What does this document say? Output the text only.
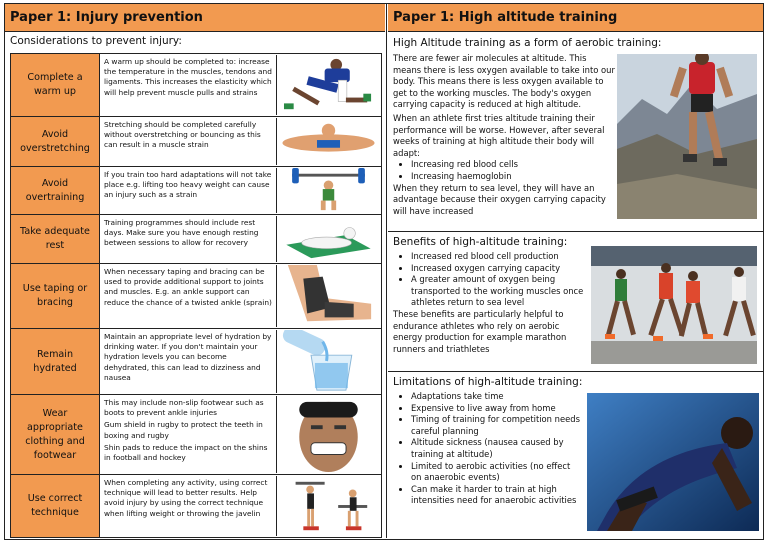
Paper 1: Injury prevention
Considerations to prevent injury:
Complete a warm up

A warm up should be completed to: increase the temperature in the muscles, tendons and ligaments. This increases the elasticity which will help prevent muscle pulls and strains

Avoid overstretching

Stretching should be completed carefully without overstretching or bouncing as this can result in a muscle strain

Avoid overtraining

If you train too hard adaptations will not take place e.g. lifting too heavy weight can cause an injury such as a strain

Take adequate rest

Training programmes should include rest days. Make sure you have enough resting between sessions to allow for recovery

Use taping or bracing

When necessary taping and bracing can be used to provide additional support to joints and muscles. E.g. an ankle support can reduce the chance of a twisted ankle (sprain)

Remain hydrated

Maintain an appropriate level of hydration by drinking water. If you don't maintain your hydration levels you can become dehydrated, this can lead to dizziness and nausea

Wear appropriate clothing and footwear

This may include non-slip footwear such as boots to prevent ankle injuries

Gum shield in rugby to protect the teeth in boxing and rugby

Shin pads to reduce the impact on the shins in football and hockey

Use correct technique

When completing any activity, using correct technique will lead to better results. Help avoid injury by using the correct technique when lifting weight or throwing the javelin

Paper 1: High altitude training
High Altitude training as a form of aerobic training:

There are fewer air molecules at altitude. This means there is less oxygen available to take into our body. This means there is less oxygen available to get to the working muscles. The body's oxygen carrying capacity is reduced at high altitude.

When an athlete first tries altitude training their performance will be worse. However, after several weeks of training at high altitude their body will adapt:

• Increasing red blood cells
• Increasing haemoglobin

When they return to sea level, they will have an advantage because their oxygen carrying capacity will have increased

Benefits of high-altitude training:
• Increased red blood cell production
• Increased oxygen carrying capacity
• A greater amount of oxygen being transported to the working muscles once athletes return to sea level

These benefits are particularly helpful to endurance athletes who rely on aerobic energy production for example marathon runners and triathletes

Limitations of high-altitude training:
• Adaptations take time
• Expensive to live away from home
• Timing of training for competition needs careful planning
• Altitude sickness (nausea caused by training at altitude)
• Limited to aerobic activities (no effect on anaerobic events)
• Can make it harder to train at high intensities need for anaerobic activities
